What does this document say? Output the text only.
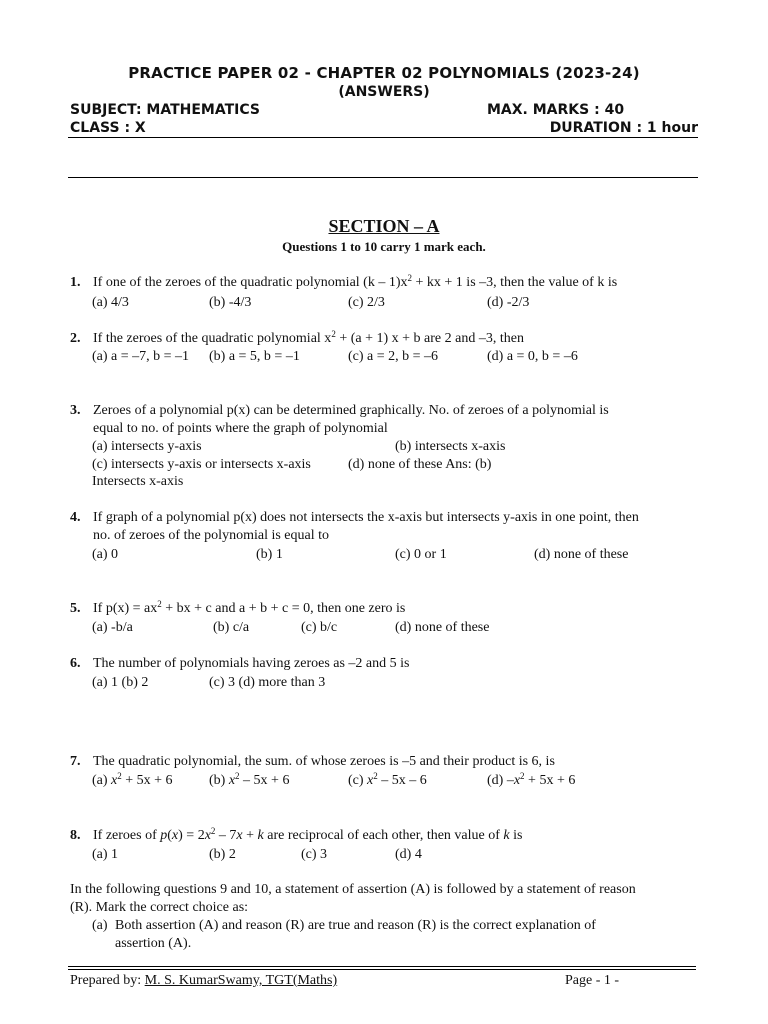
PRACTICE PAPER 02 - CHAPTER 02 POLYNOMIALS (2023-24)
(ANSWERS)
SUBJECT: MATHEMATICS	MAX. MARKS : 40
CLASS : X	DURATION : 1 hour
SECTION – A
Questions 1 to 10 carry 1 mark each.
1. If one of the zeroes of the quadratic polynomial $(k - 1)x^2$ + kx + 1 is –3, then the value of k is
(a) 4/3	(b) -4/3	(c) 2/3	(d) -2/3
2. If the zeroes of the quadratic polynomial $x^2 + (a + 1) x + b$ are 2 and –3, then
(a) a = –7, b = –1 (b) a = 5, b = –1	(c) a = 2, b = –6	(d) a = 0, b = –6
3. Zeroes of a polynomial p(x) can be determined graphically. No. of zeroes of a polynomial is
equal to no. of points where the graph of polynomial
(a) intersects y-axis	(b) intersects x-axis
(c) intersects y-axis or intersects x-axis	(d) none of these Ans: (b)
Intersects x-axis
4. If graph of a polynomial p(x) does not intersects the x-axis but intersects y-axis in one point, then
no. of zeroes of the polynomial is equal to
(a) 0	(b) 1	(c) 0 or 1	(d) none of these
5. If $p(x) = ax^2$ + bx + c and a + b + c = 0, then one zero is
(a) -b/a	(b) c/a	(c) b/c	(d) none of these
6. The number of polynomials having zeroes as –2 and 5 is
(a) 1 (b) 2	(c) 3 (d) more than 3
7. The quadratic polynomial, the sum. of whose zeroes is –5 and their product is 6, is
(a) $x^2 + 5x + 6$	(b) $x^2 - 5x + 6$	(c) $x^2 - 5x - 6$	(d) $-x^2 + 5x + 6$
8. If zeroes of $p(x) = 2x^2 - 7x + k$ are reciprocal of each other, then value of k is
(a) 1	(b) 2	(c) 3	(d) 4
In the following questions 9 and 10, a statement of assertion (A) is followed by a statement of reason
(R). Mark the correct choice as:
(a) Both assertion (A) and reason (R) are true and reason (R) is the correct explanation of
assertion (A).
Prepared by: M. S. KumarSwamy, TGT(Maths)	Page - 1 -
